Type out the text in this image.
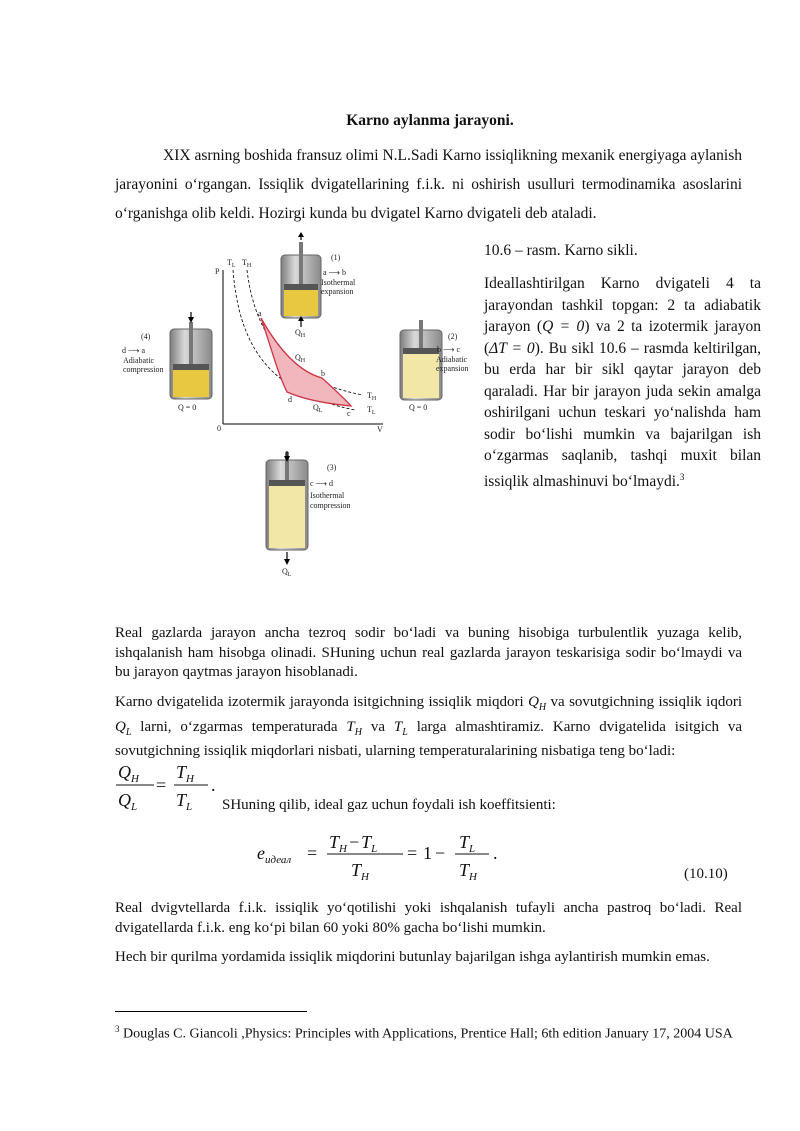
Karno aylanma jarayoni.
XIX asrning boshida fransuz olimi N.L.Sadi Karno issiqlikning mexanik energiyaga aylanish jarayonini o‘rgangan. Issiqlik dvigatellarining f.i.k. ni oshirish usulluri termodinamika asoslarini o‘rganishga olib keldi. Hozirgi kunda bu dvigatel Karno dvigateli deb ataladi.
(1)
a ⟶ b
Isothermal
expansion
$Q_H$
(4)
d ⟶ a
Adiabatic
compression
Q = 0
P
V
0
$T_L$ $T_H$
a
b
c
d
$Q_H$
$Q_L$
$T_H$
$T_L$
(2)
b ⟶ c
Adiabatic
expansion
Q = 0
(3)
c ⟶ d
Isothermal
compression
$Q_L$
10.6 – rasm. Karno sikli.
Ideallashtirilgan Karno dvigateli 4 ta jarayondan tashkil topgan: 2 ta adiabatik jarayon (Q = 0) va 2 ta izotermik jarayon (ΔT = 0). Bu sikl 10.6 – rasmda keltirilgan, bu erda har bir sikl qaytar jarayon deb qaraladi. Har bir jarayon juda sekin amalga oshirilgani uchun teskari yo‘nalishda ham sodir bo‘lishi mumkin va bajarilgan ish o‘zgarmas saqlanib, tashqi muxit bilan issiqlik almashinuvi bo‘lmaydi.$^3$
Real gazlarda jarayon ancha tezroq sodir bo‘ladi va buning hisobiga turbulentlik yuzaga kelib, ishqalanish ham hisobga olinadi. SHuning uchun real gazlarda jarayon teskarisiga sodir bo‘lmaydi va bu jarayon qaytmas jarayon hisoblanadi.
Karno dvigatelida izotermik jarayonda isitgichning issiqlik miqdori $Q_H$ va sovutgichning issiqlik iqdori $Q_L$ larni, o‘zgarmas temperaturada $T_H$ va $T_L$ larga almashtiramiz. Karno dvigatelida isitgich va sovutgichning issiqlik miqdorlari nisbati, ularning temperaturalarining nisbatiga teng bo‘ladi:
$Q_H$
$Q_L$
=
$T_H$
$T_L$
.
SHuning qilib, ideal gaz uchun foydali ish koeffitsienti:
$e_{идеал}$ =
$T_H - T_L$
$T_H$
= 1 −
$T_L$
$T_H$
.
(10.10)
Real dvigvtellarda f.i.k. issiqlik yo‘qotilishi yoki ishqalanish tufayli ancha pastroq bo‘ladi. Real dvigatellarda f.i.k. eng ko‘pi bilan 60 yoki 80% gacha bo‘lishi mumkin.
Hech bir qurilma yordamida issiqlik miqdorini butunlay bajarilgan ishga aylantirish mumkin emas.
$^3$ Douglas C. Giancoli ,Physics: Principles with Applications, Prentice Hall; 6th edition January 17, 2004 USA
